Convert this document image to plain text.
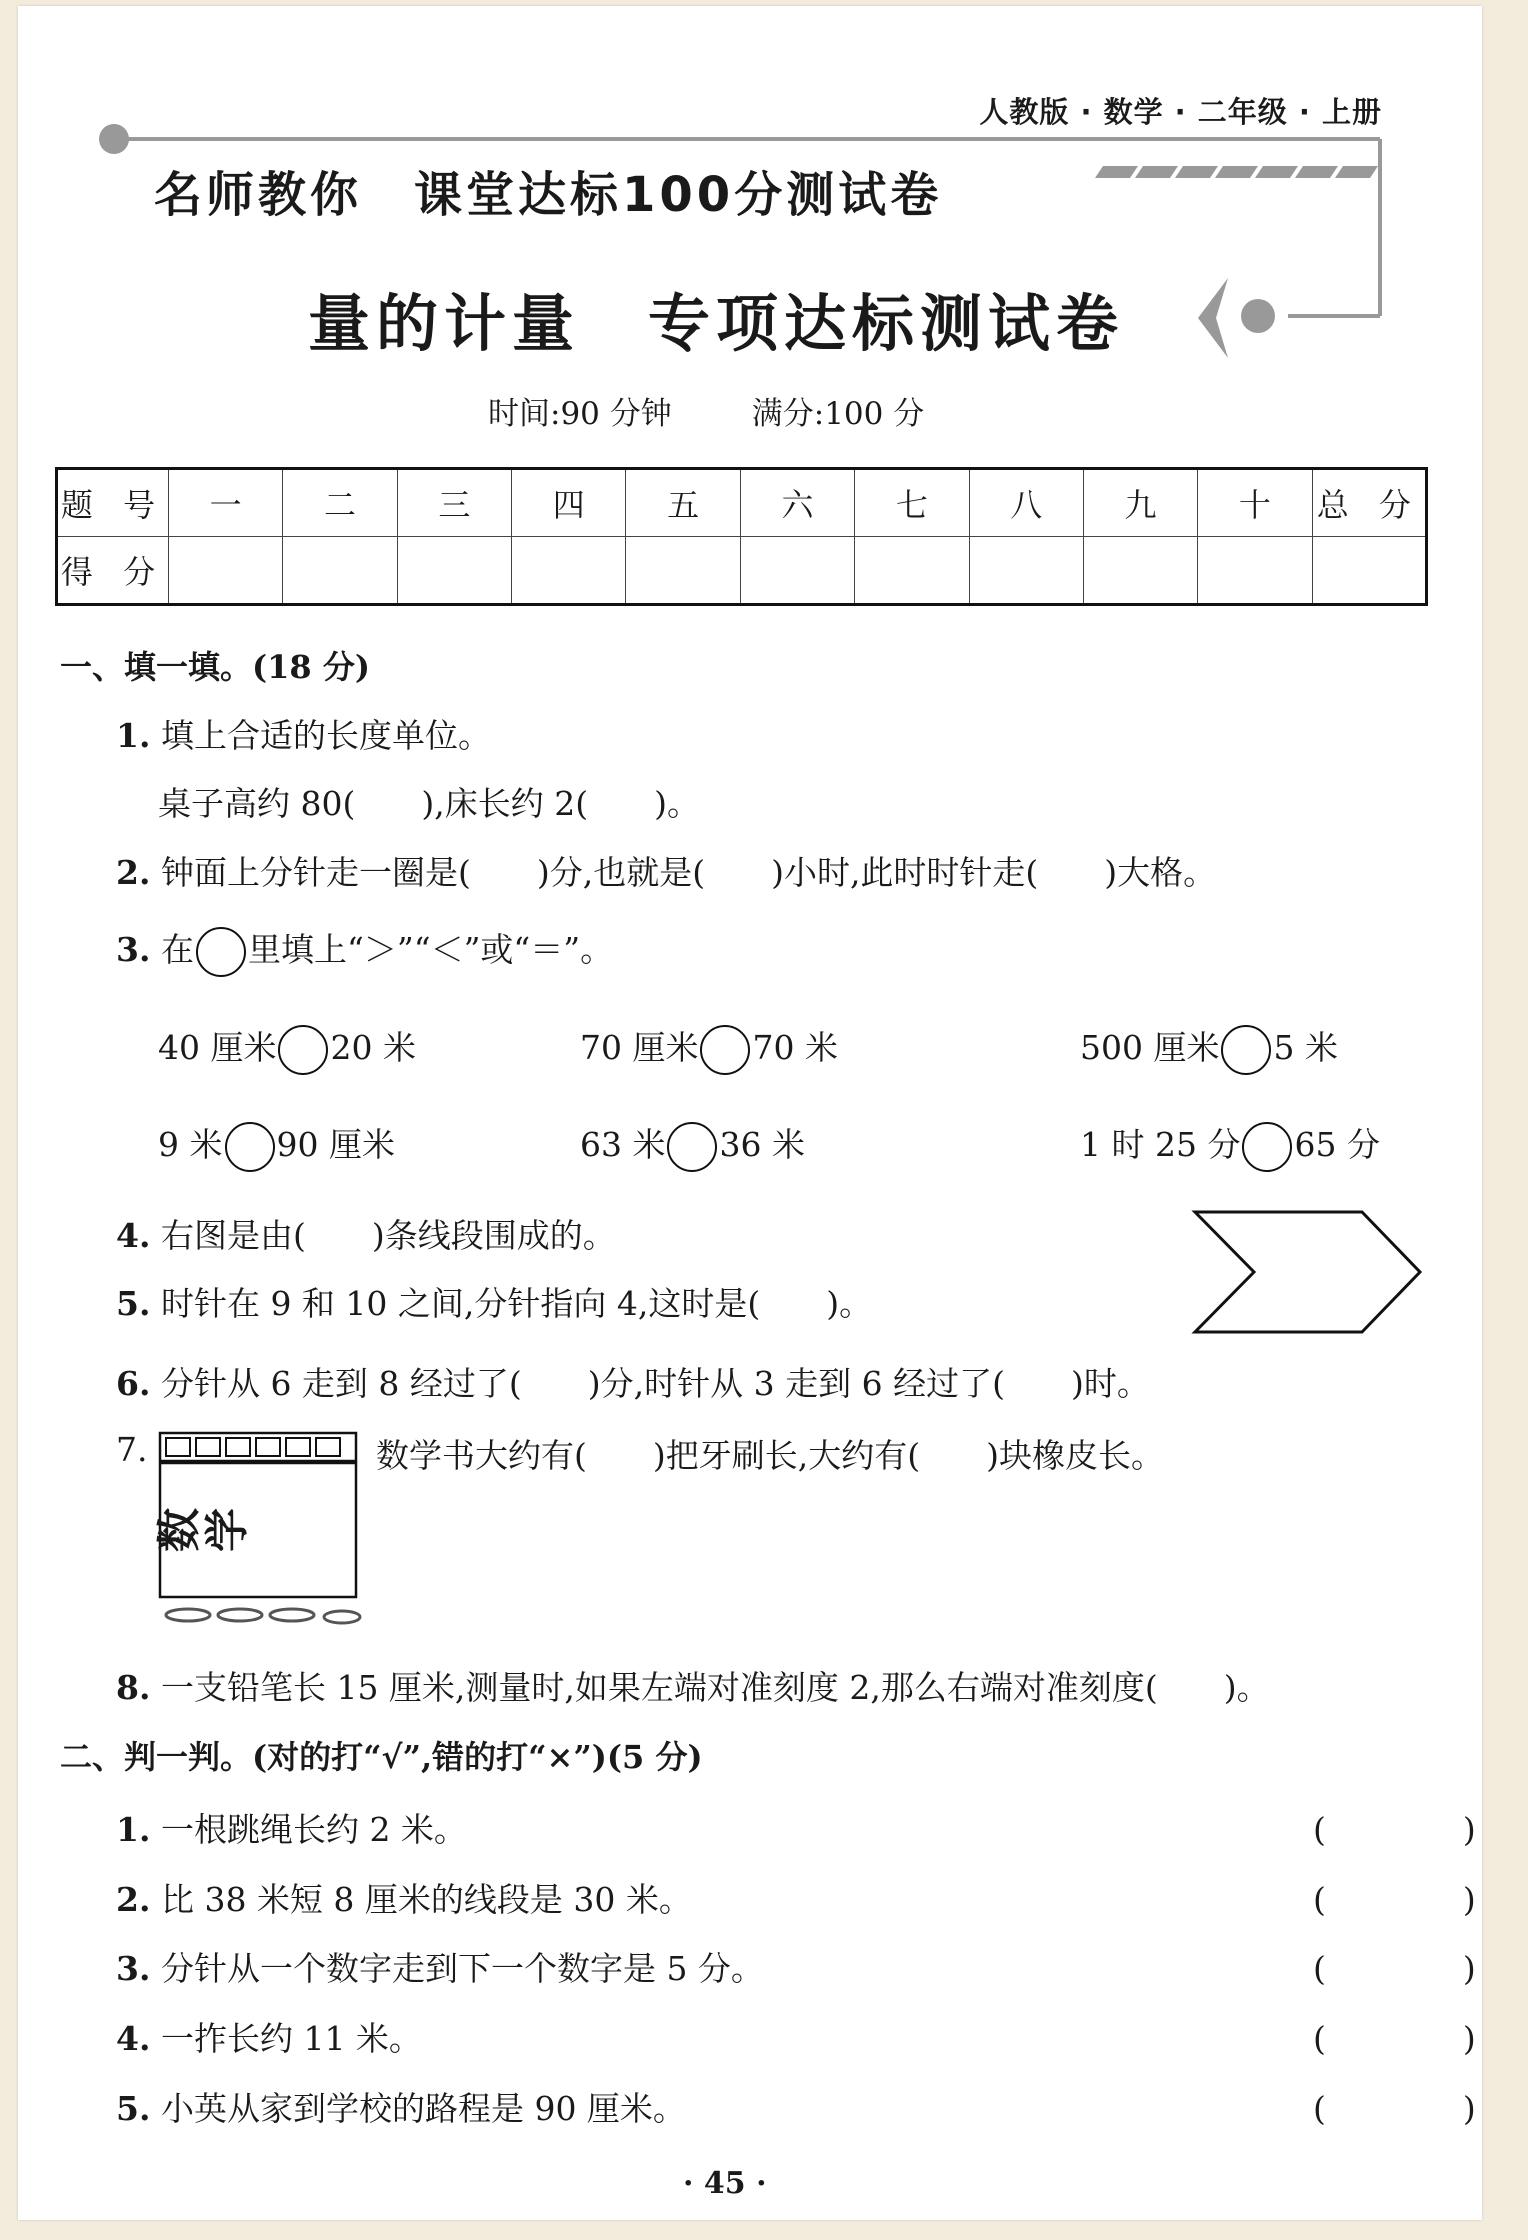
人教版 · 数学 · 二年级 · 上册
名师教你　课堂达标100分测试卷
量的计量　专项达标测试卷
时间:90 分钟	满分:100 分
题 号	一	二	三	四	五	六	七	八	九	十	总 分
得 分											
一、填一填。(18 分)
1. 填上合适的长度单位。
桌子高约 80(　　),床长约 2(　　)。
2. 钟面上分针走一圈是(　　)分,也就是(　　)小时,此时时针走(　　)大格。
3. 在 里填上“＞”“＜”或“＝”。
40 厘米 20 米	70 厘米 70 米	500 厘米 5 米
9 米 90 厘米	63 米 36 米	1 时 25 分 65 分
4. 右图是由(　　)条线段围成的。
5. 时针在 9 和 10 之间,分针指向 4,这时是(　　)。
6. 分针从 6 走到 8 经过了(　　)分,时针从 3 走到 6 经过了(　　)时。
7.
数学
数学书大约有(　　)把牙刷长,大约有(　　)块橡皮长。
8. 一支铅笔长 15 厘米,测量时,如果左端对准刻度 2,那么右端对准刻度(　　)。
二、判一判。(对的打“√”,错的打“×”)(5 分)
1. 一根跳绳长约 2 米。	(　)
2. 比 38 米短 8 厘米的线段是 30 米。	(　)
3. 分针从一个数字走到下一个数字是 5 分。	(　)
4. 一拃长约 11 米。	(　)
5. 小英从家到学校的路程是 90 厘米。	(　)
· 45 ·
